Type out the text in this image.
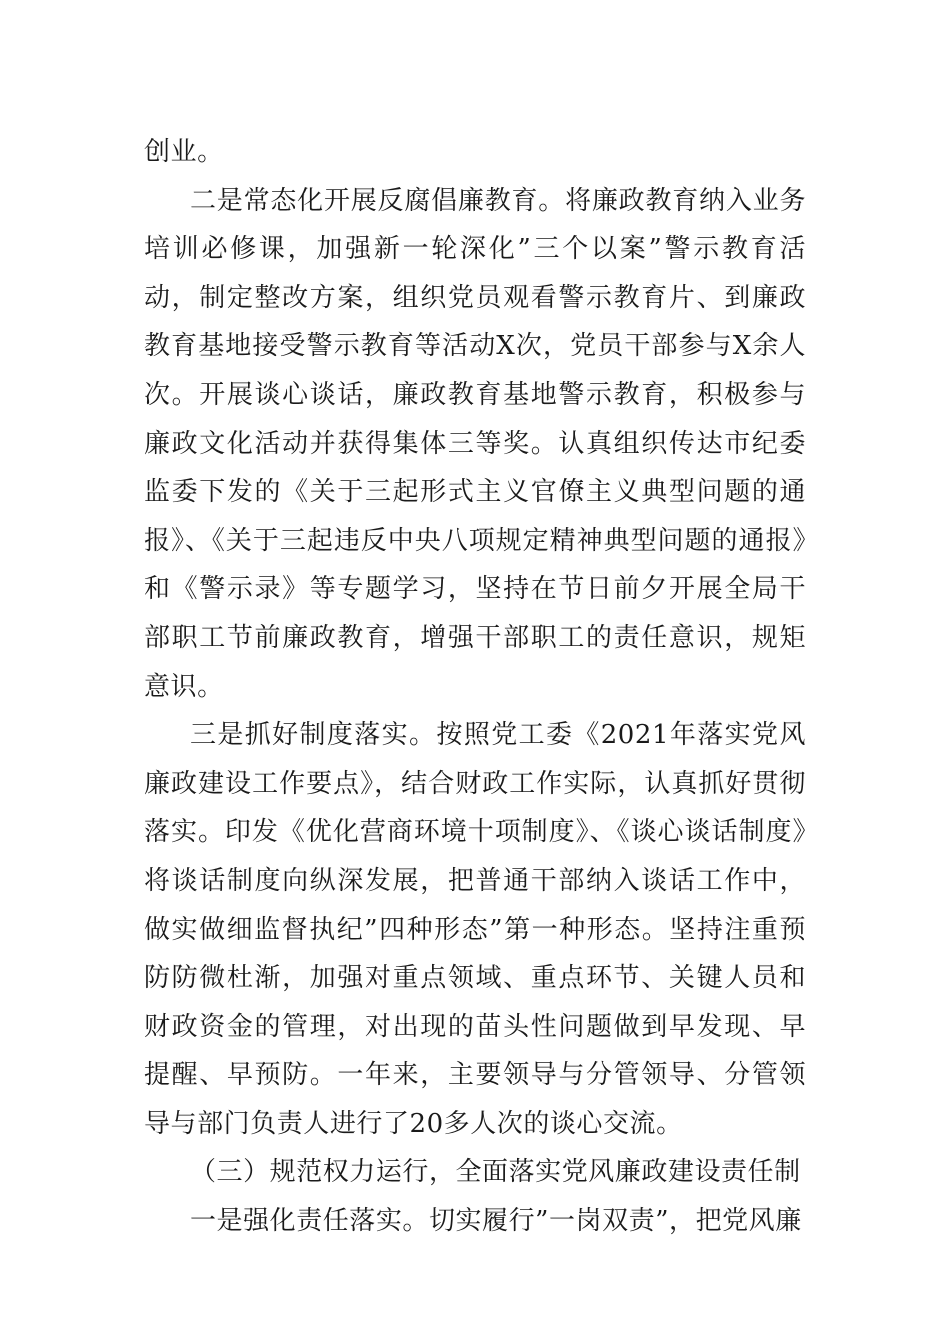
创业。

二是常态化开展反腐倡廉教育。将廉政教育纳入业务培训必修课，加强新一轮深化”三个以案”警示教育活动，制定整改方案，组织党员观看警示教育片、到廉政教育基地接受警示教育等活动X次，党员干部参与X余人次。开展谈心谈话，廉政教育基地警示教育，积极参与廉政文化活动并获得集体三等奖。认真组织传达市纪委监委下发的《关于三起形式主义官僚主义典型问题的通报》、《关于三起违反中央八项规定精神典型问题的通报》和《警示录》等专题学习，坚持在节日前夕开展全局干部职工节前廉政教育，增强干部职工的责任意识，规矩意识。

三是抓好制度落实。按照党工委《2021年落实党风廉政建设工作要点》，结合财政工作实际，认真抓好贯彻落实。印发《优化营商环境十项制度》、《谈心谈话制度》将谈话制度向纵深发展，把普通干部纳入谈话工作中，做实做细监督执纪”四种形态”第一种形态。坚持注重预防防微杜渐，加强对重点领域、重点环节、关键人员和财政资金的管理，对出现的苗头性问题做到早发现、早提醒、早预防。一年来，主要领导与分管领导、分管领导与部门负责人进行了20多人次的谈心交流。

（三）规范权力运行，全面落实党风廉政建设责任制

一是强化责任落实。切实履行”一岗双责”，把党风廉
